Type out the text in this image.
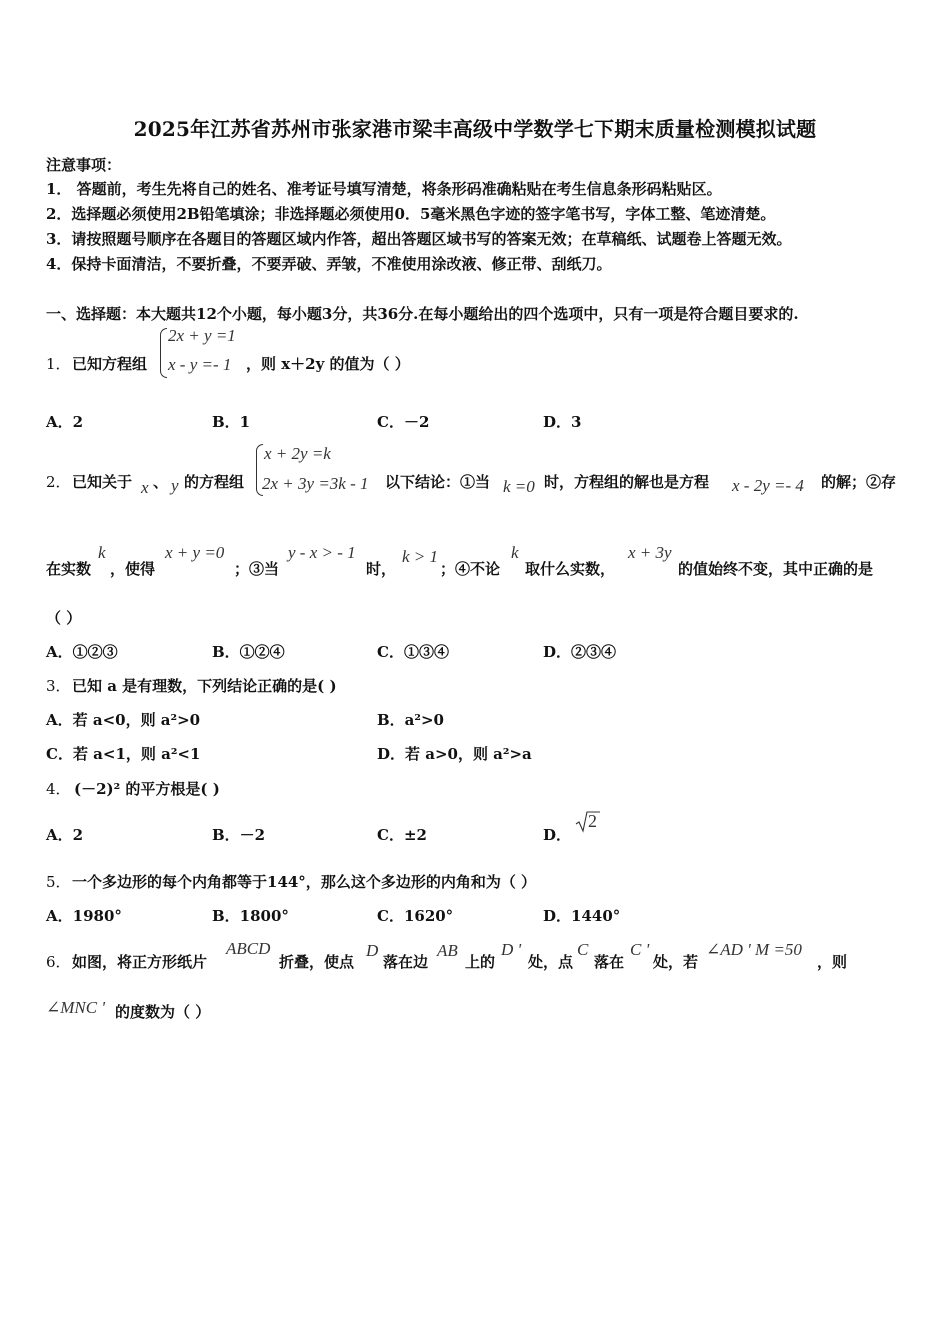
2025年江苏省苏州市张家港市梁丰高级中学数学七下期末质量检测模拟试题
注意事项：
1． 答题前，考生先将自己的姓名、准考证号填写清楚，将条形码准确粘贴在考生信息条形码粘贴区。
2．选择题必须使用2B铅笔填涂；非选择题必须使用0．5毫米黑色字迹的签字笔书写，字体工整、笔迹清楚。
3．请按照题号顺序在各题目的答题区域内作答，超出答题区域书写的答案无效；在草稿纸、试题卷上答题无效。
4．保持卡面清洁，不要折叠，不要弄破、弄皱，不准使用涂改液、修正带、刮纸刀。
一、选择题：本大题共12个小题，每小题3分，共36分.在每小题给出的四个选项中，只有一项是符合题目要求的.
1． 已知方程组
2x + y =1
x - y =- 1 ，则 x＋2y 的值为（ ）
A．2	B．1	C．－2	D．3
2． 已知关于 x 、 y 的方程组
x + 2y =k
2x + 3y =3k - 1 以下结论：①当 k =0 时，方程组的解也是方程 x - 2y =- 4 的解；②存
在实数
k
，使得
x + y =0
；③当
y - x > - 1
时，
k > 1
；④不论
k
取什么实数，
x + 3y
的值始终不变，其中正确的是
（ ）
A．①②③	B．①②④	C．①③④	D．②③④
3． 已知 a 是有理数，下列结论正确的是( )
A．若 a<0，则 a²>0	B．a²>0
C．若 a<1，则 a²<1	D．若 a>0，则 a²>a
4． (－2)² 的平方根是( )
A．2	B．－2	C．±2	D．
2
5． 一个多边形的每个内角都等于144°，那么这个多边形的内角和为（ ）
A．1980°	B．1800°	C．1620°	D．1440°
6． 如图，将正方形纸片
ABCD
折叠，使点
D
落在边
AB
上的
D '
处，点
C
落在
C '
处，若
∠AD ' M =50
，则
∠MNC ' 的度数为（ ）
